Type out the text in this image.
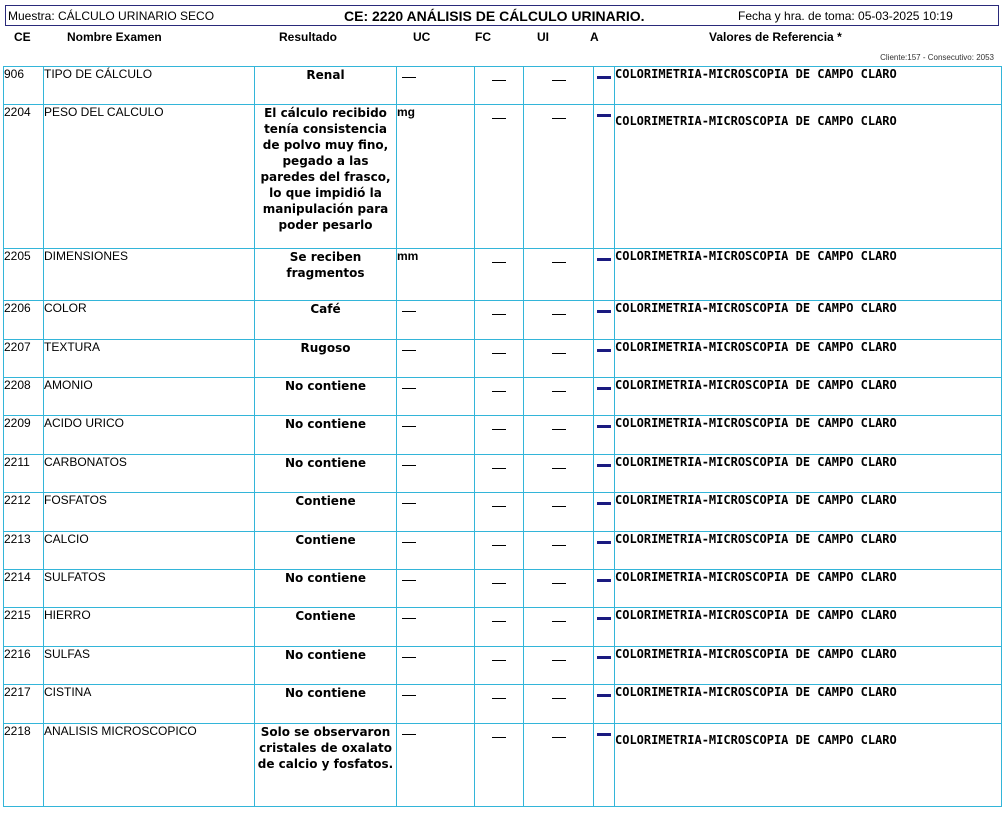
Muestra: CÁLCULO URINARIO SECO	CE: 2220 ANÁLISIS DE CÁLCULO URINARIO.	Fecha y hra. de toma: 05-03-2025 10:19
CE	Nombre Examen	Resultado	UC	FC	UI	A	Valores de Referencia *
Cliente:157 - Consecutivo: 2053
906	TIPO DE CÁLCULO	Renal					COLORIMETRIA-MICROSCOPIA DE CAMPO CLARO
2204	PESO DEL CALCULO	El cálculo recibido tenía consistencia de polvo muy fino, pegado a las paredes del frasco, lo que impidió la manipulación para poder pesarlo	mg				COLORIMETRIA-MICROSCOPIA DE CAMPO CLARO
2205	DIMENSIONES	Se reciben fragmentos	mm				COLORIMETRIA-MICROSCOPIA DE CAMPO CLARO
2206	COLOR	Café					COLORIMETRIA-MICROSCOPIA DE CAMPO CLARO
2207	TEXTURA	Rugoso					COLORIMETRIA-MICROSCOPIA DE CAMPO CLARO
2208	AMONIO	No contiene					COLORIMETRIA-MICROSCOPIA DE CAMPO CLARO
2209	ACIDO URICO	No contiene					COLORIMETRIA-MICROSCOPIA DE CAMPO CLARO
2211	CARBONATOS	No contiene					COLORIMETRIA-MICROSCOPIA DE CAMPO CLARO
2212	FOSFATOS	Contiene					COLORIMETRIA-MICROSCOPIA DE CAMPO CLARO
2213	CALCIO	Contiene					COLORIMETRIA-MICROSCOPIA DE CAMPO CLARO
2214	SULFATOS	No contiene					COLORIMETRIA-MICROSCOPIA DE CAMPO CLARO
2215	HIERRO	Contiene					COLORIMETRIA-MICROSCOPIA DE CAMPO CLARO
2216	SULFAS	No contiene					COLORIMETRIA-MICROSCOPIA DE CAMPO CLARO
2217	CISTINA	No contiene					COLORIMETRIA-MICROSCOPIA DE CAMPO CLARO
2218	ANALISIS MICROSCOPICO	Solo se observaron cristales de oxalato de calcio y fosfatos.					COLORIMETRIA-MICROSCOPIA DE CAMPO CLARO
